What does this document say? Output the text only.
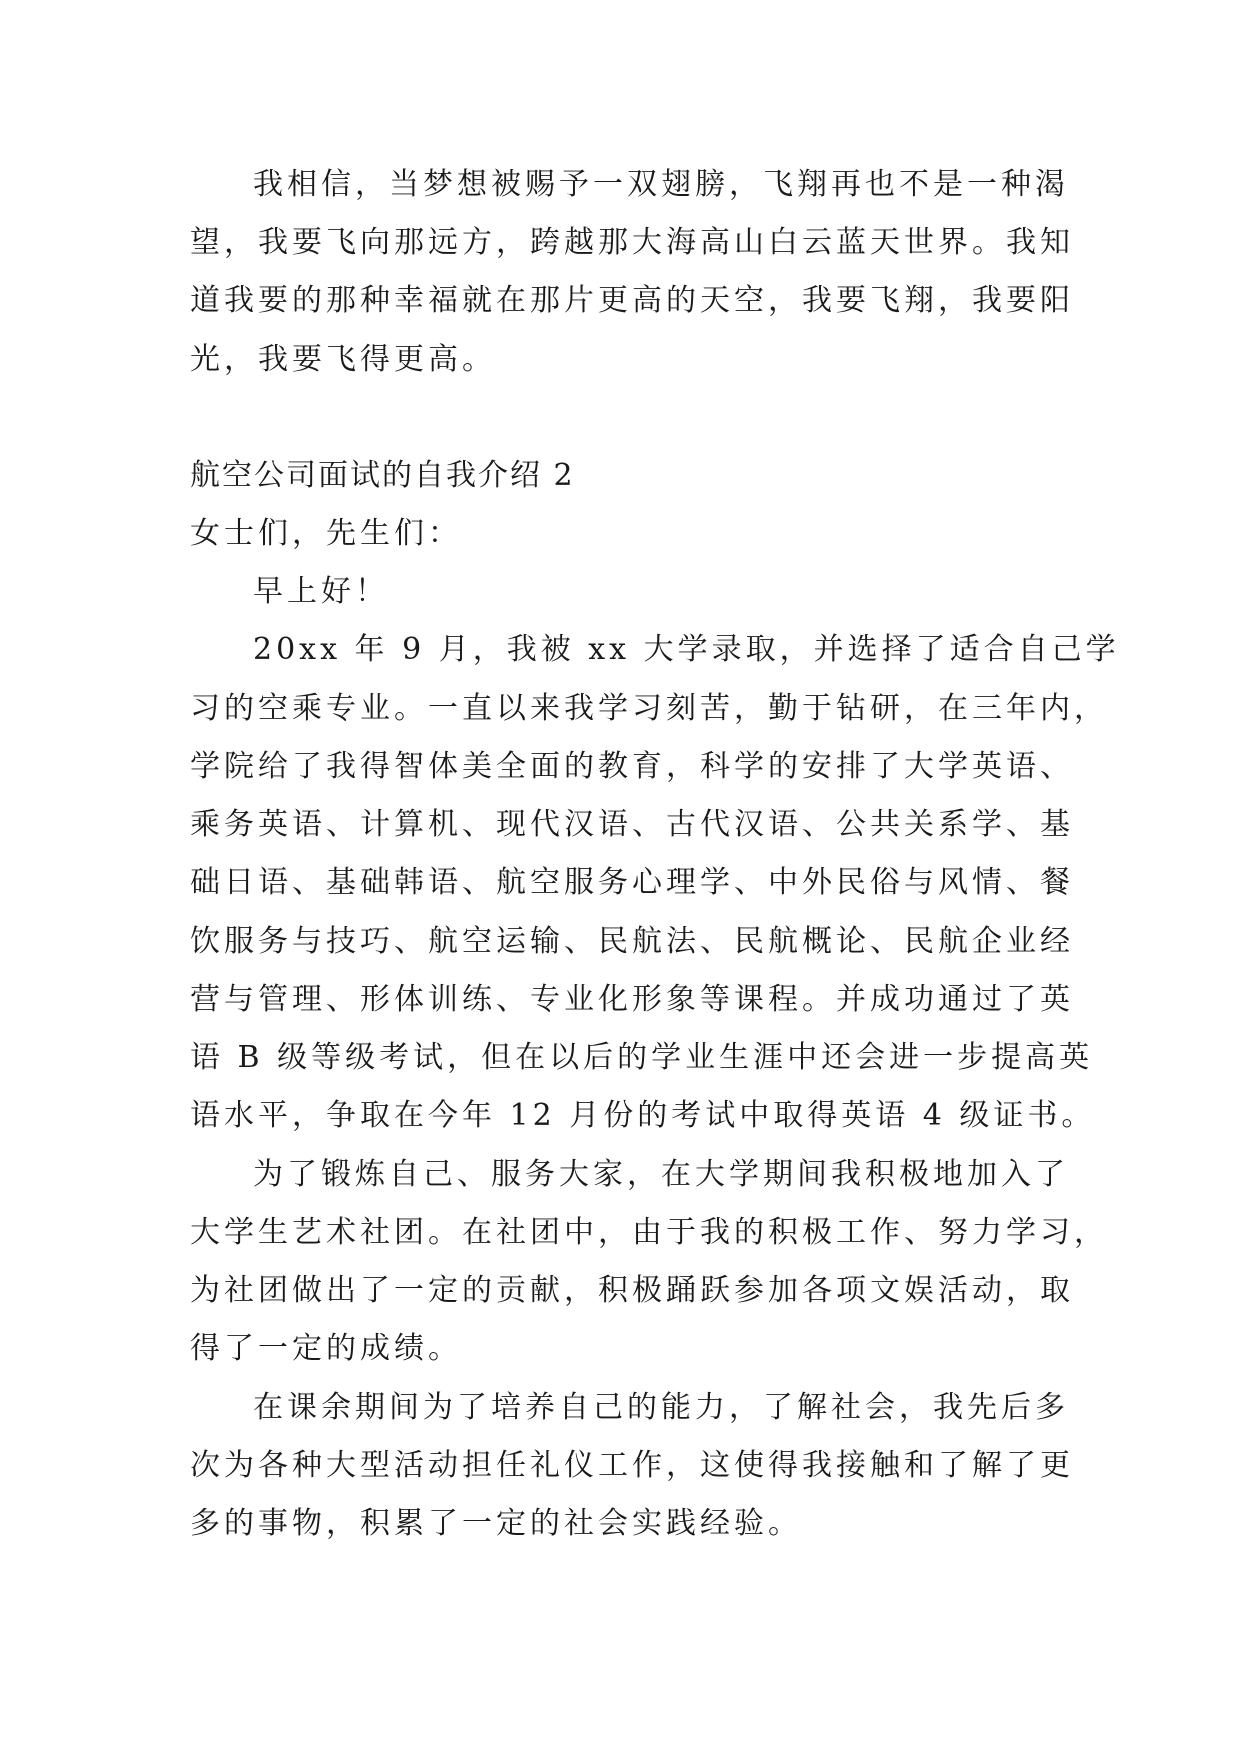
我相信，当梦想被赐予一双翅膀，飞翔再也不是一种渴
望，我要飞向那远方，跨越那大海高山白云蓝天世界。我知
道我要的那种幸福就在那片更高的天空，我要飞翔，我要阳
光，我要飞得更高。
航空公司面试的自我介绍 2
女士们，先生们：
早上好！
20xx 年 9 月，我被 xx 大学录取，并选择了适合自己学
习的空乘专业。一直以来我学习刻苦，勤于钻研，在三年内，
学院给了我得智体美全面的教育，科学的安排了大学英语、
乘务英语、计算机、现代汉语、古代汉语、公共关系学、基
础日语、基础韩语、航空服务心理学、中外民俗与风情、餐
饮服务与技巧、航空运输、民航法、民航概论、民航企业经
营与管理、形体训练、专业化形象等课程。并成功通过了英
语 B 级等级考试，但在以后的学业生涯中还会进一步提高英
语水平，争取在今年 12 月份的考试中取得英语 4 级证书。
为了锻炼自己、服务大家，在大学期间我积极地加入了
大学生艺术社团。在社团中，由于我的积极工作、努力学习，
为社团做出了一定的贡献，积极踊跃参加各项文娱活动，取
得了一定的成绩。
在课余期间为了培养自己的能力，了解社会，我先后多
次为各种大型活动担任礼仪工作，这使得我接触和了解了更
多的事物，积累了一定的社会实践经验。
